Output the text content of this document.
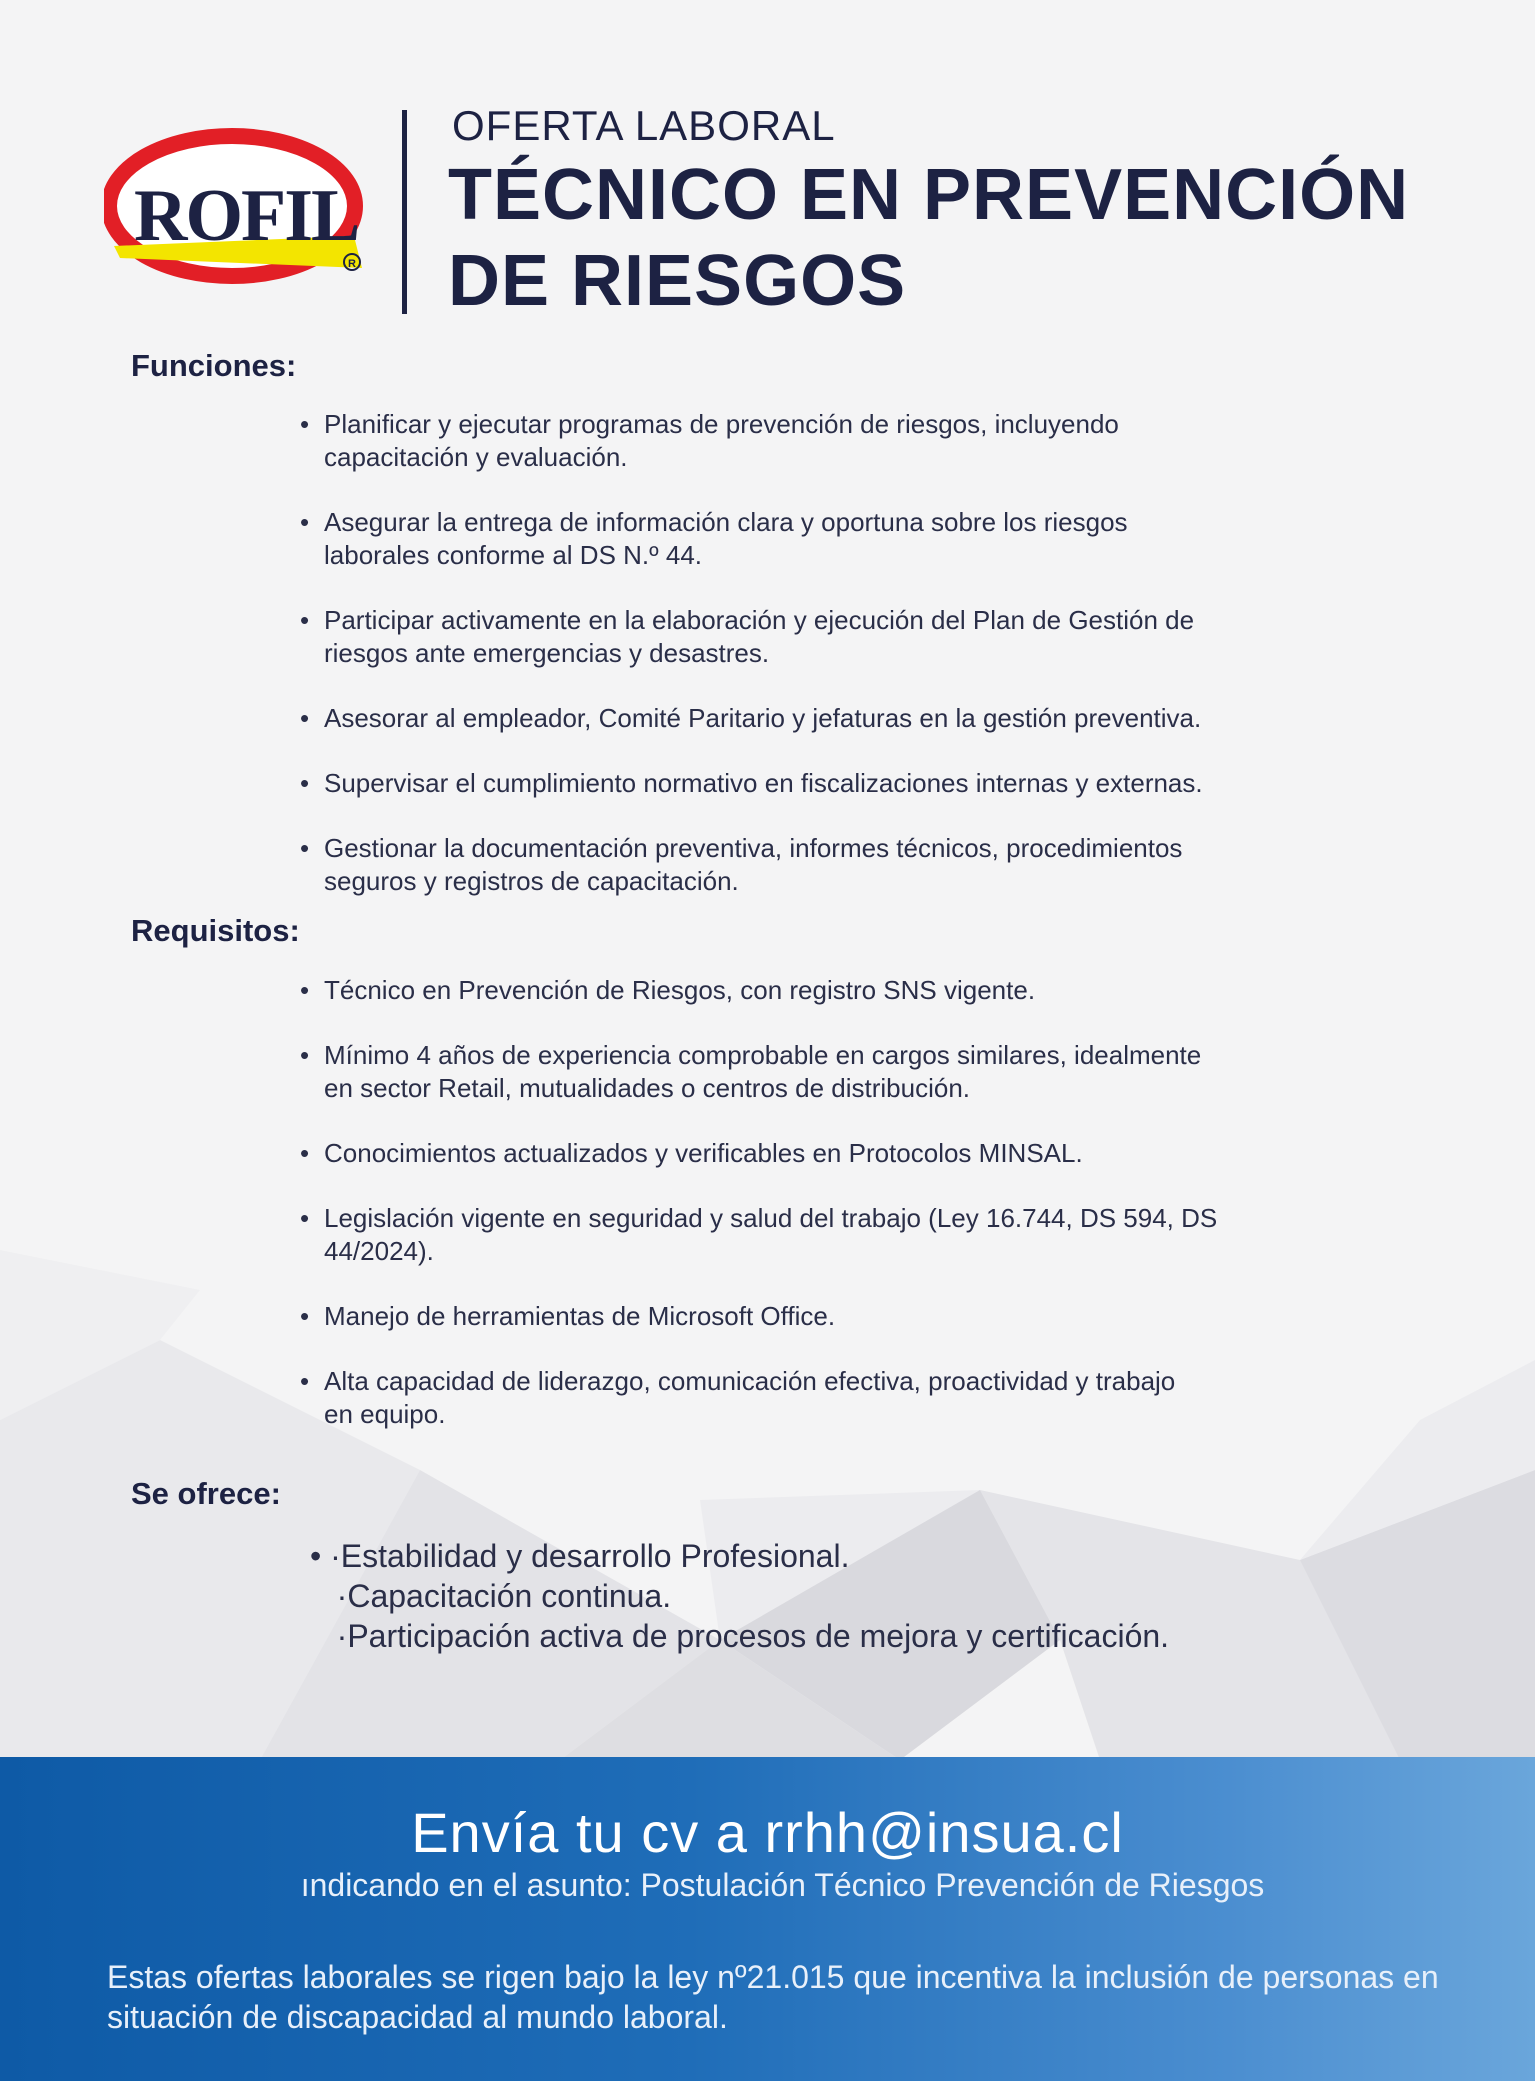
ROFIL
R
OFERTA LABORAL
TÉCNICO EN PREVENCIÓN
DE RIESGOS
Funciones:
• Planificar y ejecutar programas de prevención de riesgos, incluyendo
capacitación y evaluación.
• Asegurar la entrega de información clara y oportuna sobre los riesgos
laborales conforme al DS N.º 44.
• Participar activamente en la elaboración y ejecución del Plan de Gestión de
riesgos ante emergencias y desastres.
• Asesorar al empleador, Comité Paritario y jefaturas en la gestión preventiva.
• Supervisar el cumplimiento normativo en fiscalizaciones internas y externas.
• Gestionar la documentación preventiva, informes técnicos, procedimientos
seguros y registros de capacitación.
Requisitos:
• Técnico en Prevención de Riesgos, con registro SNS vigente.
• Mínimo 4 años de experiencia comprobable en cargos similares, idealmente
en sector Retail, mutualidades o centros de distribución.
• Conocimientos actualizados y verificables en Protocolos MINSAL.
• Legislación vigente en seguridad y salud del trabajo (Ley 16.744, DS 594, DS
44/2024).
• Manejo de herramientas de Microsoft Office.
• Alta capacidad de liderazgo, comunicación efectiva, proactividad y trabajo
en equipo.
Se ofrece:
• ·Estabilidad y desarrollo Profesional.
·Capacitación continua.
·Participación activa de procesos de mejora y certificación.
Envía tu cv a rrhh@insua.cl
ındicando en el asunto: Postulación Técnico Prevención de Riesgos
Estas ofertas laborales se rigen bajo la ley nº21.015 que incentiva la inclusión de personas en situación de discapacidad al mundo laboral.
